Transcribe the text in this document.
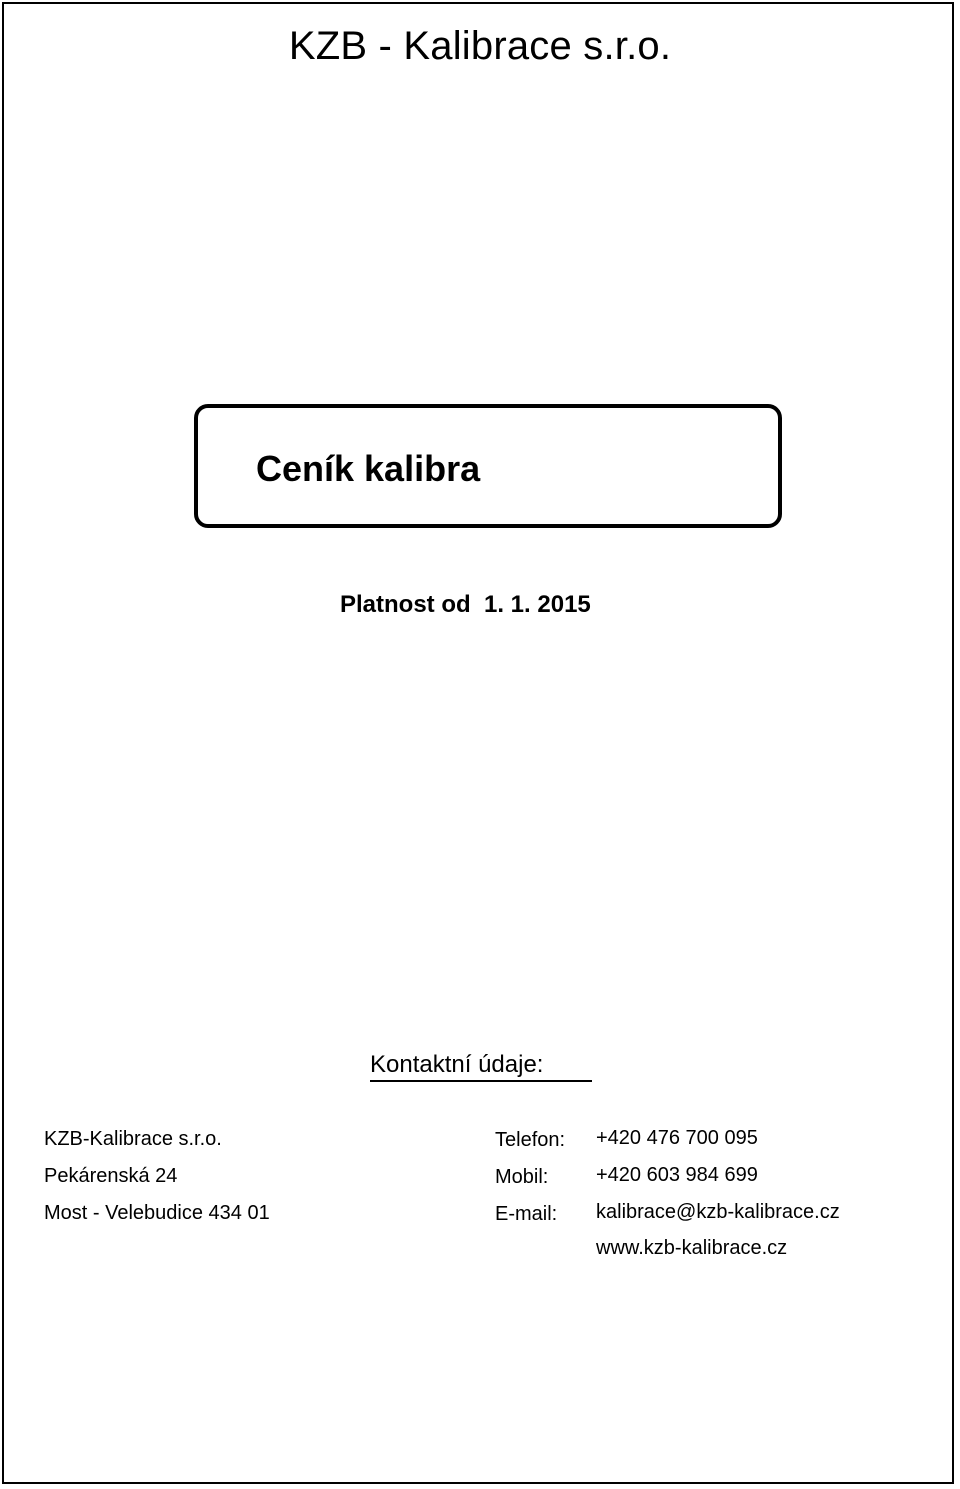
KZB - Kalibrace s.r.o.
Ceník kalibra
Platnost od  1. 1. 2015
Kontaktní údaje:
KZB-Kalibrace s.r.o.
Pekárenská 24
Most - Velebudice 434 01
Telefon: +420 476 700 095
Mobil: +420 603 984 699
E-mail: kalibrace@kzb-kalibrace.cz
www.kzb-kalibrace.cz
